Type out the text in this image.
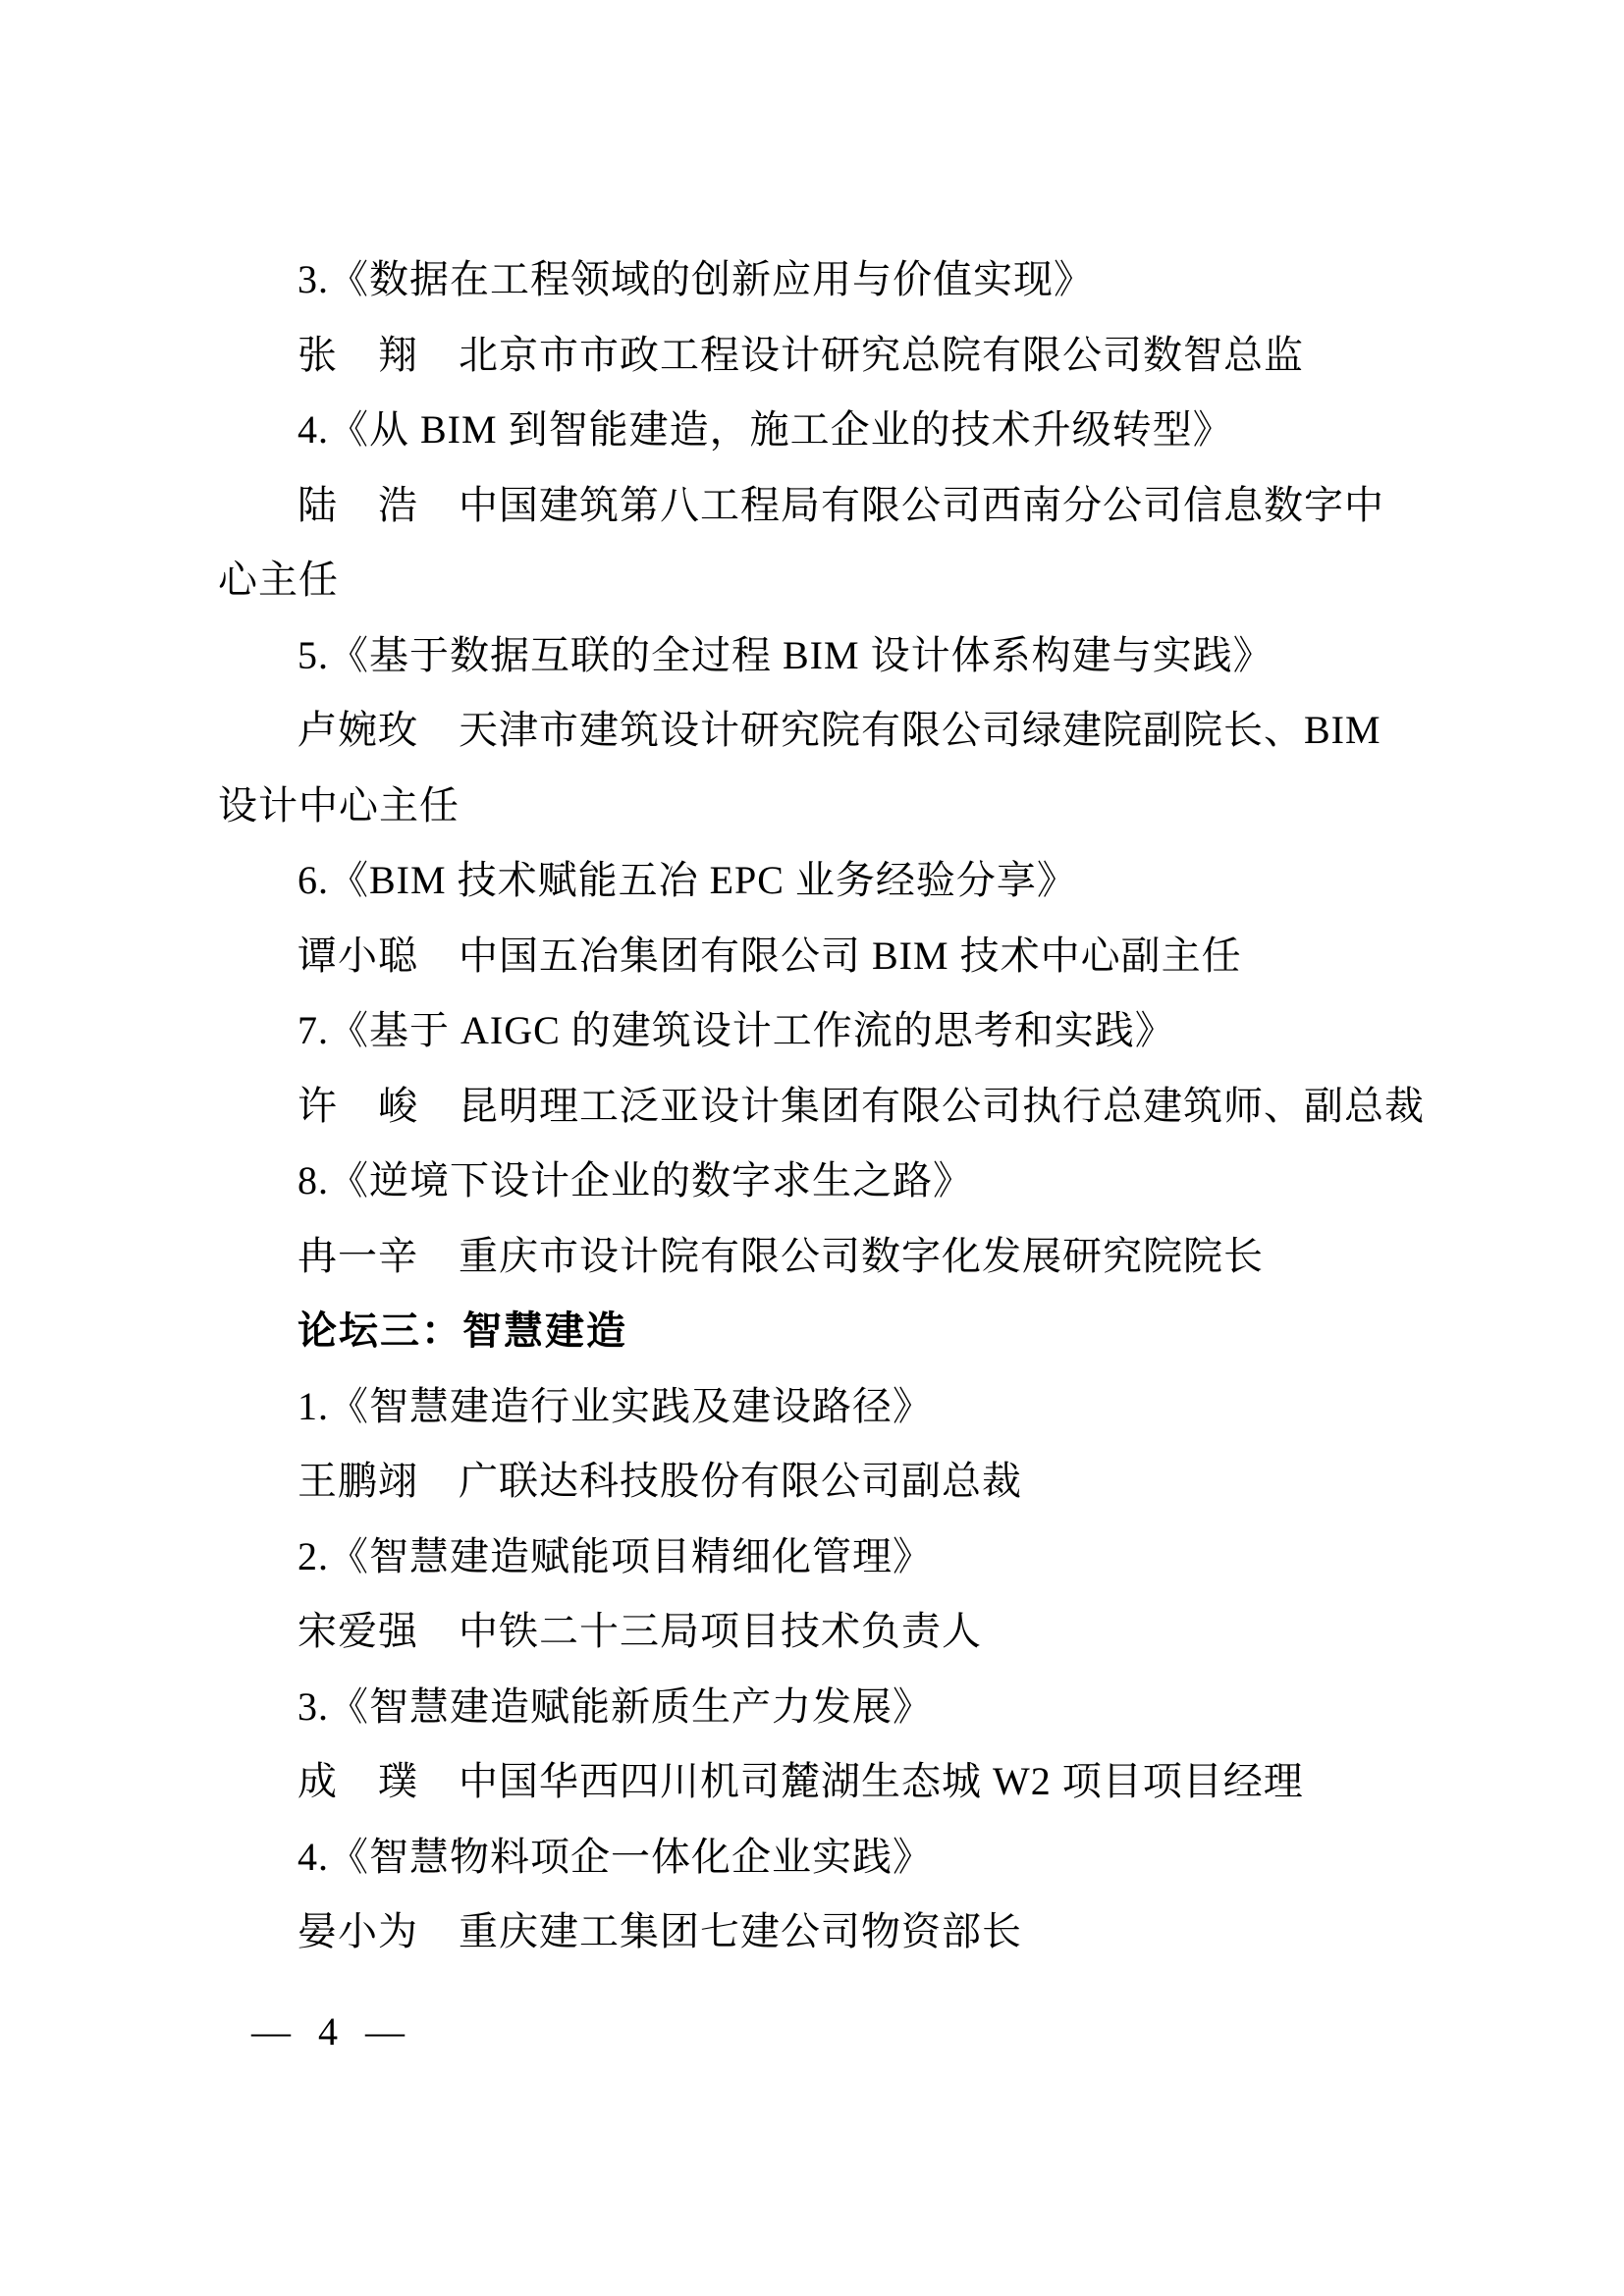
3.《数据在工程领域的创新应用与价值实现》
张　翔　北京市市政工程设计研究总院有限公司数智总监
4.《从 BIM 到智能建造，施工企业的技术升级转型》
陆　浩　中国建筑第八工程局有限公司西南分公司信息数字中
心主任
5.《基于数据互联的全过程 BIM 设计体系构建与实践》
卢婉玫　天津市建筑设计研究院有限公司绿建院副院长、BIM
设计中心主任
6.《BIM 技术赋能五冶 EPC 业务经验分享》
谭小聪　中国五冶集团有限公司 BIM 技术中心副主任
7.《基于 AIGC 的建筑设计工作流的思考和实践》
许　峻　昆明理工泛亚设计集团有限公司执行总建筑师、副总裁
8.《逆境下设计企业的数字求生之路》
冉一辛　重庆市设计院有限公司数字化发展研究院院长
论坛三：智慧建造
1.《智慧建造行业实践及建设路径》
王鹏翊　广联达科技股份有限公司副总裁
2.《智慧建造赋能项目精细化管理》
宋爱强　中铁二十三局项目技术负责人
3.《智慧建造赋能新质生产力发展》
成　璞　中国华西四川机司麓湖生态城 W2 项目项目经理
4.《智慧物料项企一体化企业实践》
晏小为　重庆建工集团七建公司物资部长
— 4 —
